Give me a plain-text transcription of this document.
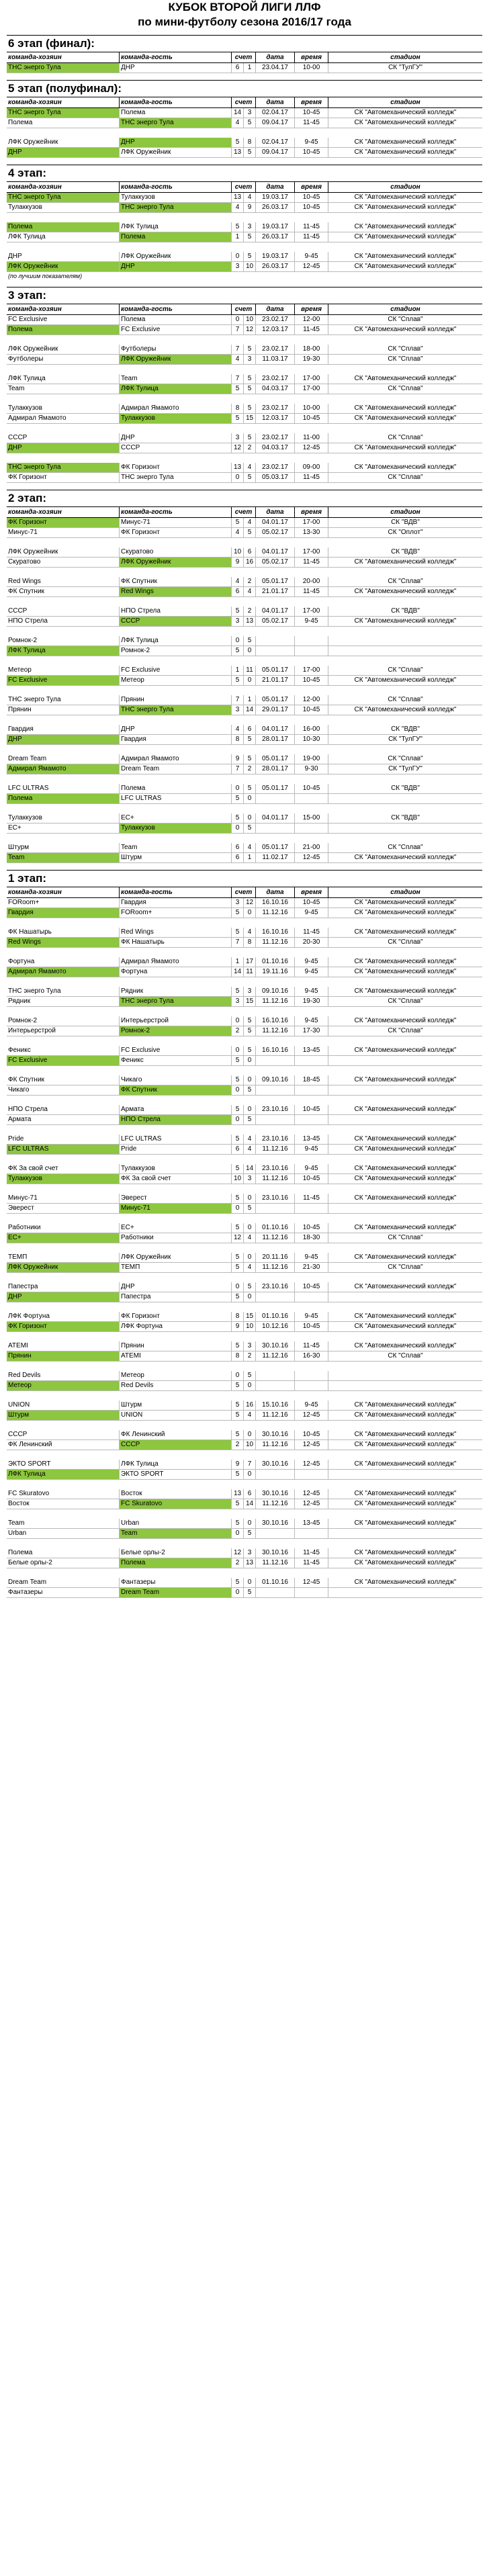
КУБОК ВТОРОЙ ЛИГИ ЛЛФ
по мини-футболу сезона 2016/17 года
6 этап (финал):
команда-хозяин	команда-гость	счет	дата	время	стадион
ТНС энерго Тула	ДНР	6	1	23.04.17	10-00	СК "ТулГУ"
5 этап (полуфинал):
команда-хозяин	команда-гость	счет	дата	время	стадион
ТНС энерго Тула	Полема	14 3	02.04.17	10-45	СК "Автомеханический колледж"
Полема	ТНС энерго Тула	4	5	09.04.17	11-45	СК "Автомеханический колледж"
ЛФК Оружейник	ДНР	5	8	02.04.17	9-45	СК "Автомеханический колледж"
ДНР	ЛФК Оружейник	13 5	09.04.17	10-45	СК "Автомеханический колледж"
4 этап:
команда-хозяин	команда-гость	счет	дата	время	стадион
ТНС энерго Тула	Тулаккузов	13 4	19.03.17	10-45	СК "Автомеханический колледж"
Тулаккузов	ТНС энерго Тула	4	9	26.03.17	10-45	СК "Автомеханический колледж"
Полема	ЛФК Тулица	5	3	19.03.17	11-45	СК "Автомеханический колледж"
ЛФК Тулица	Полема	1	5	26.03.17	11-45	СК "Автомеханический колледж"
ДНР	ЛФК Оружейник	0	5	19.03.17	9-45	СК "Автомеханический колледж"
ЛФК Оружейник	ДНР	3 10	26.03.17	12-45	СК "Автомеханический колледж"
(по лучшим показателям)
3 этап:
команда-хозяин	команда-гость	счет	дата	время	стадион
FC Exclusive	Полема	0 10	23.02.17	12-00	СК "Сплав"
Полема	FC Exclusive	7 12	12.03.17	11-45	СК "Автомеханический колледж"
ЛФК Оружейник	Футболеры	7	5	23.02.17	18-00	СК "Сплав"
Футболеры	ЛФК Оружейник	4	3	11.03.17	19-30	СК "Сплав"
ЛФК Тулица	Team	7	5	23.02.17	17-00	СК "Автомеханический колледж"
Team	ЛФК Тулица	5	5	04.03.17	17-00	СК "Сплав"
Тулаккузов	Адмирал Ямамото	8	5	23.02.17	10-00	СК "Автомеханический колледж"
Адмирал Ямамото	Тулаккузов	5 15	12.03.17	10-45	СК "Автомеханический колледж"
СССР	ДНР	3	5	23.02.17	11-00	СК "Сплав"
ДНР	СССР	12 2	04.03.17	12-45	СК "Автомеханический колледж"
ТНС энерго Тула	ФК Горизонт	13 4	23.02.17	09-00	СК "Автомеханический колледж"
ФК Горизонт	ТНС энерго Тула	0	5	05.03.17	11-45	СК "Сплав"
2 этап:
команда-хозяин	команда-гость	счет	дата	время	стадион
ФК Горизонт	Минус-71	5	4	04.01.17	17-00	СК "ВДВ"
Минус-71	ФК Горизонт	4	5	05.02.17	13-30	СК "Оплот"
ЛФК Оружейник	Скуратово	10 6	04.01.17	17-00	СК "ВДВ"
Скуратово	ЛФК Оружейник	9 16	05.02.17	11-45	СК "Автомеханический колледж"
Red Wings	ФК Спутник	4	2	05.01.17	20-00	СК "Сплав"
ФК Спутник	Red Wings	6	4	21.01.17	11-45	СК "Автомеханический колледж"
СССР	НПО Стрела	5	2	04.01.17	17-00	СК "ВДВ"
НПО Стрела	СССР	3 13	05.02.17	9-45	СК "Автомеханический колледж"
Ромнок-2	ЛФК Тулица	0	5
ЛФК Тулица	Ромнок-2	5	0
Метеор	FC Exclusive	1	11	05.01.17	17-00	СК "Сплав"
FC Exclusive	Метеор	5	0	21.01.17	10-45	СК "Автомеханический колледж"
ТНС энерго Тула	Прянин	7	1	05.01.17	12-00	СК "Сплав"
Прянин	ТНС энерго Тула	3 14	29.01.17	10-45	СК "Автомеханический колледж"
Гвардия	ДНР	4	6	04.01.17	16-00	СК "ВДВ"
ДНР	Гвардия	8	5	28.01.17	10-30	СК "ТулГУ"
Dream Team	Адмирал Ямамото	9	5	05.01.17	19-00	СК "Сплав"
Адмирал Ямамото	Dream Team	7	2	28.01.17	9-30	СК "ТулГУ"
LFC ULTRAS	Полема	0	5	05.01.17	10-45	СК "ВДВ"
Полема	LFC ULTRAS	5	0
Тулаккузов	ЕС+	5	0	04.01.17	15-00	СК "ВДВ"
ЕС+	Тулаккузов	0	5
Штурм	Team	6	4	05.01.17	21-00	СК "Сплав"
Team	Штурм	6	1	11.02.17	12-45	СК "Автомеханический колледж"
1 этап:
команда-хозяин	команда-гость	счет	дата	время	стадион
FORoom+	Гвардия	3 12	16.10.16	10-45	СК "Автомеханический колледж"
Гвардия	FORoom+	5	0	11.12.16	9-45	СК "Автомеханический колледж"
ФК Нашатырь	Red Wings	5	4	16.10.16	11-45	СК "Автомеханический колледж"
Red Wings	ФК Нашатырь	7	8	11.12.16	20-30	СК "Сплав"
Фортуна	Адмирал Ямамото	1 17	01.10.16	9-45	СК "Автомеханический колледж"
Адмирал Ямамото	Фортуна	14 11	19.11.16	9-45	СК "Автомеханический колледж"
ТНС энерго Тула	Рядник	5	3	09.10.16	9-45	СК "Автомеханический колледж"
Рядник	ТНС энерго Тула	3 15	11.12.16	19-30	СК "Сплав"
Ромнок-2	Интерьерстрой	0	5	16.10.16	9-45	СК "Автомеханический колледж"
Интерьерстрой	Ромнок-2	2	5	11.12.16	17-30	СК "Сплав"
Феникс	FC Exclusive	0	5	16.10.16	13-45	СК "Автомеханический колледж"
FC Exclusive	Феникс	5	0
ФК Спутник	Чикаго	5	0	09.10.16	18-45	СК "Автомеханический колледж"
Чикаго	ФК Спутник	0	5
НПО Стрела	Армата	5	0	23.10.16	10-45	СК "Автомеханический колледж"
Армата	НПО Стрела	0	5
Pride	LFC ULTRAS	5	4	23.10.16	13-45	СК "Автомеханический колледж"
LFC ULTRAS	Pride	6	4	11.12.16	9-45	СК "Автомеханический колледж"
ФК За свой счет	Тулаккузов	5 14	23.10.16	9-45	СК "Автомеханический колледж"
Тулаккузов	ФК За свой счет	10 3	11.12.16	10-45	СК "Автомеханический колледж"
Минус-71	Эверест	5	0	23.10.16	11-45	СК "Автомеханический колледж"
Эверест	Минус-71	0	5
Работники	ЕС+	5	0	01.10.16	10-45	СК "Автомеханический колледж"
ЕС+	Работники	12 4	11.12.16	18-30	СК "Сплав"
ТЕМП	ЛФК Оружейник	5	0	20.11.16	9-45	СК "Автомеханический колледж"
ЛФК Оружейник	ТЕМП	5	4	11.12.16	21-30	СК "Сплав"
Папестра	ДНР	0	5	23.10.16	10-45	СК "Автомеханический колледж"
ДНР	Папестра	5	0
ЛФК Фортуна	ФК Горизонт	8 15	01.10.16	9-45	СК "Автомеханический колледж"
ФК Горизонт	ЛФК Фортуна	9 10	10.12.16	10-45	СК "Автомеханический колледж"
ATEMI	Прянин	5	3	30.10.16	11-45	СК "Автомеханический колледж"
Прянин	ATEMI	8	2	11.12.16	16-30	СК "Сплав"
Red Devils	Метеор	0	5
Метеор	Red Devils	5	0
UNION	Штурм	5 16	15.10.16	9-45	СК "Автомеханический колледж"
Штурм	UNION	5	4	11.12.16	12-45	СК "Автомеханический колледж"
СССР	ФК Ленинский	5	0	30.10.16	10-45	СК "Автомеханический колледж"
ФК Ленинский	СССР	2 10	11.12.16	12-45	СК "Автомеханический колледж"
ЭКТО SPORT	ЛФК Тулица	9	7	30.10.16	12-45	СК "Автомеханический колледж"
ЛФК Тулица	ЭКТО SPORT	5	0
FC Skuratovo	Восток	13 6	30.10.16	12-45	СК "Автомеханический колледж"
Восток	FC Skuratovo	5 14	11.12.16	12-45	СК "Автомеханический колледж"
Team	Urban	5	0	30.10.16	13-45	СК "Автомеханический колледж"
Urban	Team	0	5
Полема	Белые орлы-2	12 3	30.10.16	11-45	СК "Автомеханический колледж"
Белые орлы-2	Полема	2 13	11.12.16	11-45	СК "Автомеханический колледж"
Dream Team	Фантазеры	5	0	01.10.16	12-45	СК "Автомеханический колледж"
Фантазеры	Dream Team	0	5
